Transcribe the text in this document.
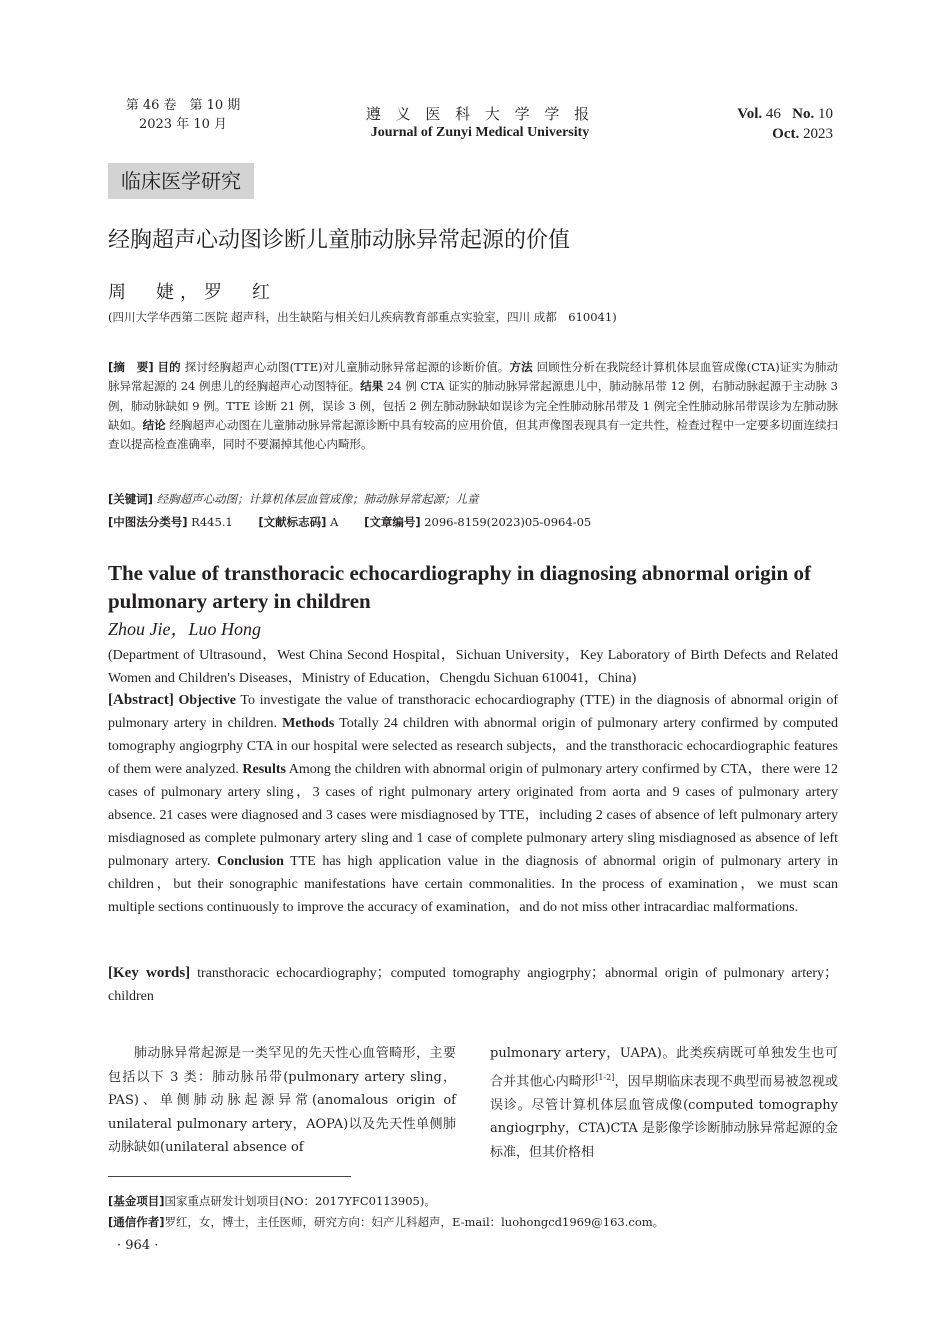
第 46 卷　第 10 期
2023 年 10 月
遵 义 医 科 大 学 学 报
Journal of Zunyi Medical University
Vol. 46 No. 10
Oct. 2023
临床医学研究
经胸超声心动图诊断儿童肺动脉异常起源的价值
周　婕，罗　红
(四川大学华西第二医院 超声科，出生缺陷与相关妇儿疾病教育部重点实验室，四川 成都　610041)
[摘　要] 目的 探讨经胸超声心动图(TTE)对儿童肺动脉异常起源的诊断价值。方法 回顾性分析在我院经计算机体层血管成像(CTA)证实为肺动脉异常起源的 24 例患儿的经胸超声心动图特征。结果 24 例 CTA 证实的肺动脉异常起源患儿中，肺动脉吊带 12 例，右肺动脉起源于主动脉 3 例，肺动脉缺如 9 例。TTE 诊断 21 例，误诊 3 例，包括 2 例左肺动脉缺如误诊为完全性肺动脉吊带及 1 例完全性肺动脉吊带误诊为左肺动脉缺如。结论 经胸超声心动图在儿童肺动脉异常起源诊断中具有较高的应用价值，但其声像图表现具有一定共性，检查过程中一定要多切面连续扫查以提高检查准确率，同时不要漏掉其他心内畸形。
[关键词] 经胸超声心动图；计算机体层血管成像；肺动脉异常起源；儿童
[中图法分类号] R445.1 [文献标志码] A [文章编号] 2096-8159(2023)05-0964-05
The value of transthoracic echocardiography in diagnosing abnormal origin of pulmonary artery in children
Zhou Jie，Luo Hong
(Department of Ultrasound，West China Second Hospital，Sichuan University，Key Laboratory of Birth Defects and Related Women and Children's Diseases，Ministry of Education，Chengdu Sichuan 610041，China)
[Abstract] Objective To investigate the value of transthoracic echocardiography (TTE) in the diagnosis of abnormal origin of pulmonary artery in children. Methods Totally 24 children with abnormal origin of pulmonary artery confirmed by computed tomography angiogrphy CTA in our hospital were selected as research subjects，and the transthoracic echocardiographic features of them were analyzed. Results Among the children with abnormal origin of pulmonary artery confirmed by CTA，there were 12 cases of pulmonary artery sling，3 cases of right pulmonary artery originated from aorta and 9 cases of pulmonary artery absence. 21 cases were diagnosed and 3 cases were misdiagnosed by TTE，including 2 cases of absence of left pulmonary artery misdiagnosed as complete pulmonary artery sling and 1 case of complete pulmonary artery sling misdiagnosed as absence of left pulmonary artery. Conclusion TTE has high application value in the diagnosis of abnormal origin of pulmonary artery in children，but their sonographic manifestations have certain commonalities. In the process of examination，we must scan multiple sections continuously to improve the accuracy of examination，and do not miss other intracardiac malformations.
[Key words] transthoracic echocardiography；computed tomography angiogrphy；abnormal origin of pulmonary artery；children
肺动脉异常起源是一类罕见的先天性心血管畸形，主要包括以下 3 类：肺动脉吊带(pulmonary artery sling，PAS)、单侧肺动脉起源异常(anomalous origin of unilateral pulmonary artery，AOPA)以及先天性单侧肺动脉缺如(unilateral absence of
pulmonary artery，UAPA)。此类疾病既可单独发生也可合并其他心内畸形[1-2]，因早期临床表现不典型而易被忽视或误诊。尽管计算机体层血管成像(computed tomography angiogrphy，CTA)CTA 是影像学诊断肺动脉异常起源的金标准，但其价格相
[基金项目]国家重点研发计划项目(NO：2017YFC0113905)。
[通信作者]罗红，女，博士，主任医师，研究方向：妇产儿科超声，E-mail：luohongcd1969@163.com。
· 964 ·
